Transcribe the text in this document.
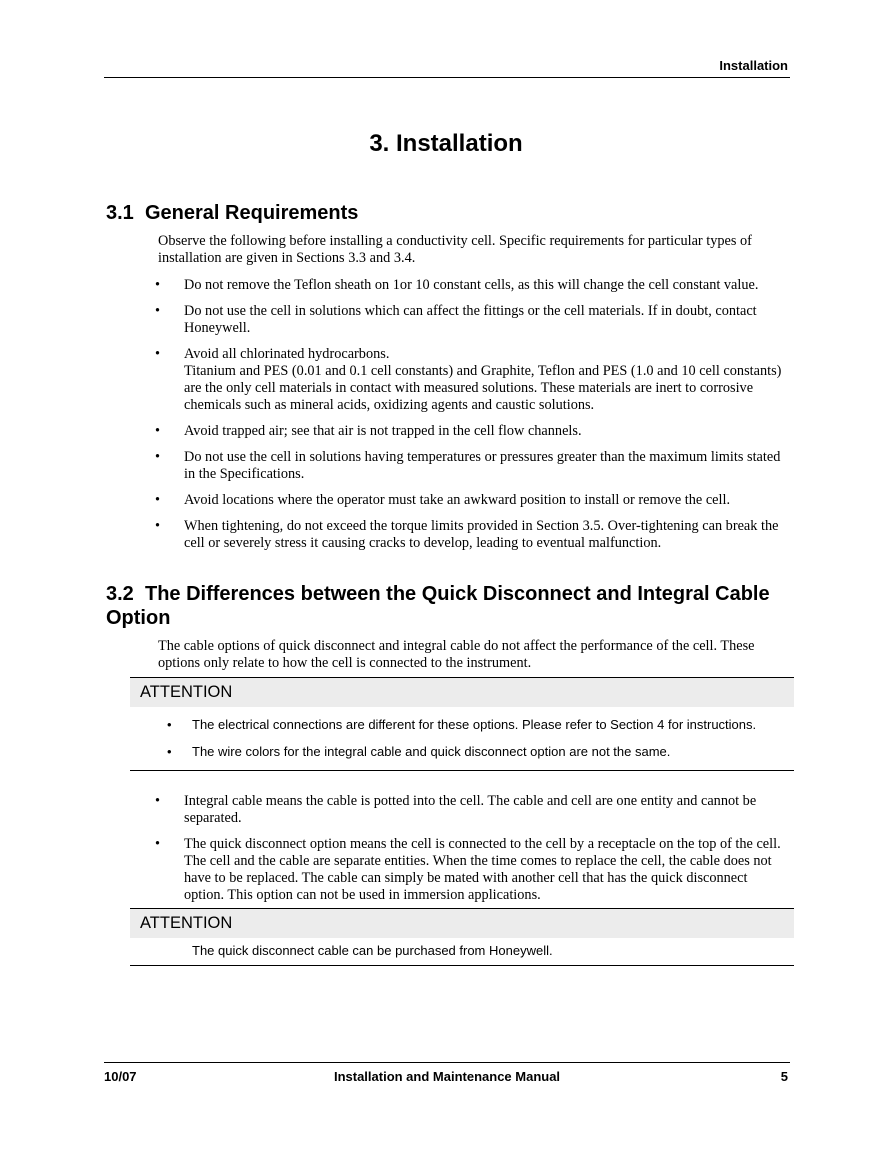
Installation
3. Installation
3.1 General Requirements
Observe the following before installing a conductivity cell. Specific requirements for particular types of installation are given in Sections 3.3 and 3.4.
• Do not remove the Teflon sheath on 1or 10 constant cells, as this will change the cell constant value.
• Do not use the cell in solutions which can affect the fittings or the cell materials. If in doubt, contact Honeywell.
• Avoid all chlorinated hydrocarbons.
Titanium and PES (0.01 and 0.1 cell constants) and Graphite, Teflon and PES (1.0 and 10 cell constants) are the only cell materials in contact with measured solutions. These materials are inert to corrosive chemicals such as mineral acids, oxidizing agents and caustic solutions.
• Avoid trapped air; see that air is not trapped in the cell flow channels.
• Do not use the cell in solutions having temperatures or pressures greater than the maximum limits stated in the Specifications.
• Avoid locations where the operator must take an awkward position to install or remove the cell.
• When tightening, do not exceed the torque limits provided in Section 3.5. Over-tightening can break the cell or severely stress it causing cracks to develop, leading to eventual malfunction.
3.2 The Differences between the Quick Disconnect and Integral Cable Option
The cable options of quick disconnect and integral cable do not affect the performance of the cell. These options only relate to how the cell is connected to the instrument.
ATTENTION
• The electrical connections are different for these options. Please refer to Section 4 for instructions.
• The wire colors for the integral cable and quick disconnect option are not the same.
• Integral cable means the cable is potted into the cell. The cable and cell are one entity and cannot be separated.
• The quick disconnect option means the cell is connected to the cell by a receptacle on the top of the cell. The cell and the cable are separate entities. When the time comes to replace the cell, the cable does not have to be replaced. The cable can simply be mated with another cell that has the quick disconnect option. This option can not be used in immersion applications.
ATTENTION
The quick disconnect cable can be purchased from Honeywell.
10/07	Installation and Maintenance Manual	5
